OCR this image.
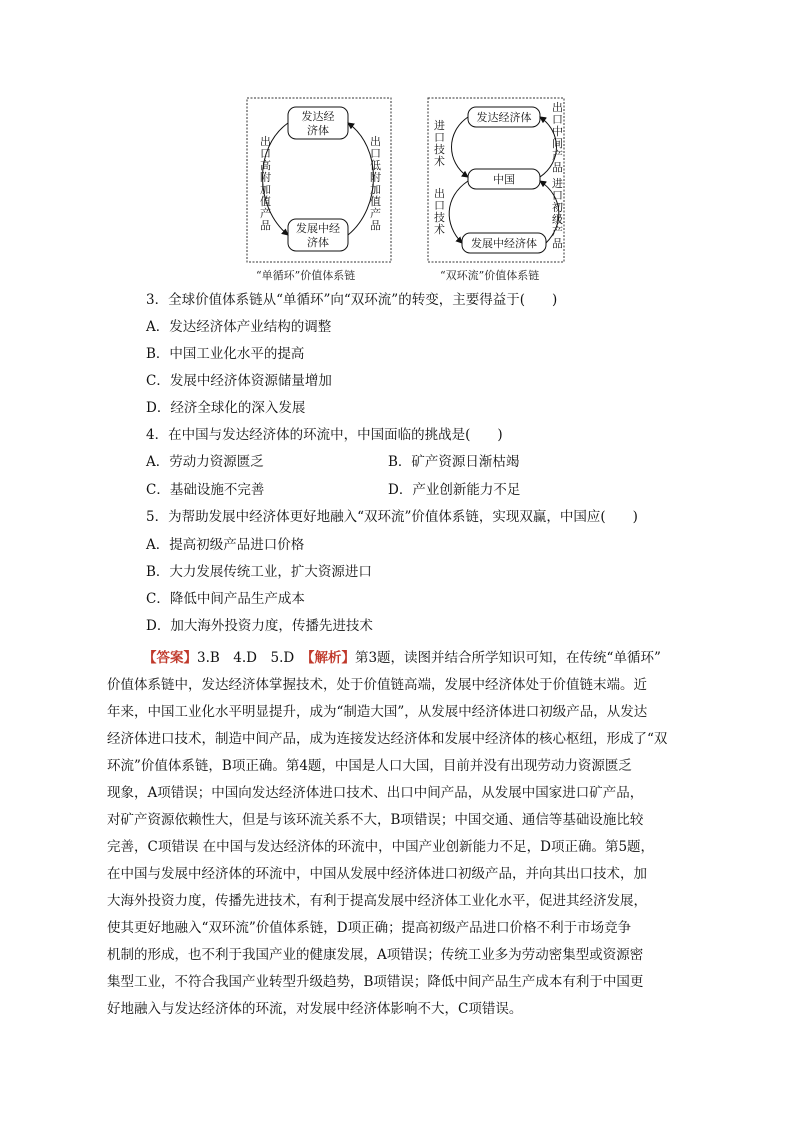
发达经
济体
发展中经
济体
出口高附加值产品
出口低附加值产品
发达经济体
中国
发展中经济体
进口技术
出口技术
出口中间产品
进口初级产品
“单循环”价值体系链	“双环流”价值体系链
3．全球价值体系链从“单循环”向“双环流”的转变，主要得益于(　　)
A．发达经济体产业结构的调整
B．中国工业化水平的提高
C．发展中经济体资源储量增加
D．经济全球化的深入发展
4．在中国与发达经济体的环流中，中国面临的挑战是(　　)
A．劳动力资源匮乏	B．矿产资源日渐枯竭
C．基础设施不完善	D．产业创新能力不足
5．为帮助发展中经济体更好地融入“双环流”价值体系链，实现双赢，中国应(　　)
A．提高初级产品进口价格
B．大力发展传统工业，扩大资源进口
C．降低中间产品生产成本
D．加大海外投资力度，传播先进技术
【答案】3.B　4.D　5.D　【解析】第3题，读图并结合所学知识可知，在传统“单循环”
价值体系链中，发达经济体掌握技术，处于价值链高端，发展中经济体处于价值链末端。近
年来，中国工业化水平明显提升，成为“制造大国”，从发展中经济体进口初级产品，从发达
经济体进口技术，制造中间产品，成为连接发达经济体和发展中经济体的核心枢纽，形成了“双
环流”价值体系链，B项正确。第4题，中国是人口大国，目前并没有出现劳动力资源匮乏
现象，A项错误；中国向发达经济体进口技术、出口中间产品，从发展中国家进口矿产品，
对矿产资源依赖性大，但是与该环流关系不大，B项错误；中国交通、通信等基础设施比较
完善，C项错误 在中国与发达经济体的环流中，中国产业创新能力不足，D项正确。第5题，
在中国与发展中经济体的环流中，中国从发展中经济体进口初级产品，并向其出口技术，加
大海外投资力度，传播先进技术，有利于提高发展中经济体工业化水平，促进其经济发展，
使其更好地融入“双环流”价值体系链，D项正确；提高初级产品进口价格不利于市场竞争
机制的形成，也不利于我国产业的健康发展，A项错误；传统工业多为劳动密集型或资源密
集型工业，不符合我国产业转型升级趋势，B项错误；降低中间产品生产成本有利于中国更
好地融入与发达经济体的环流，对发展中经济体影响不大，C项错误。
